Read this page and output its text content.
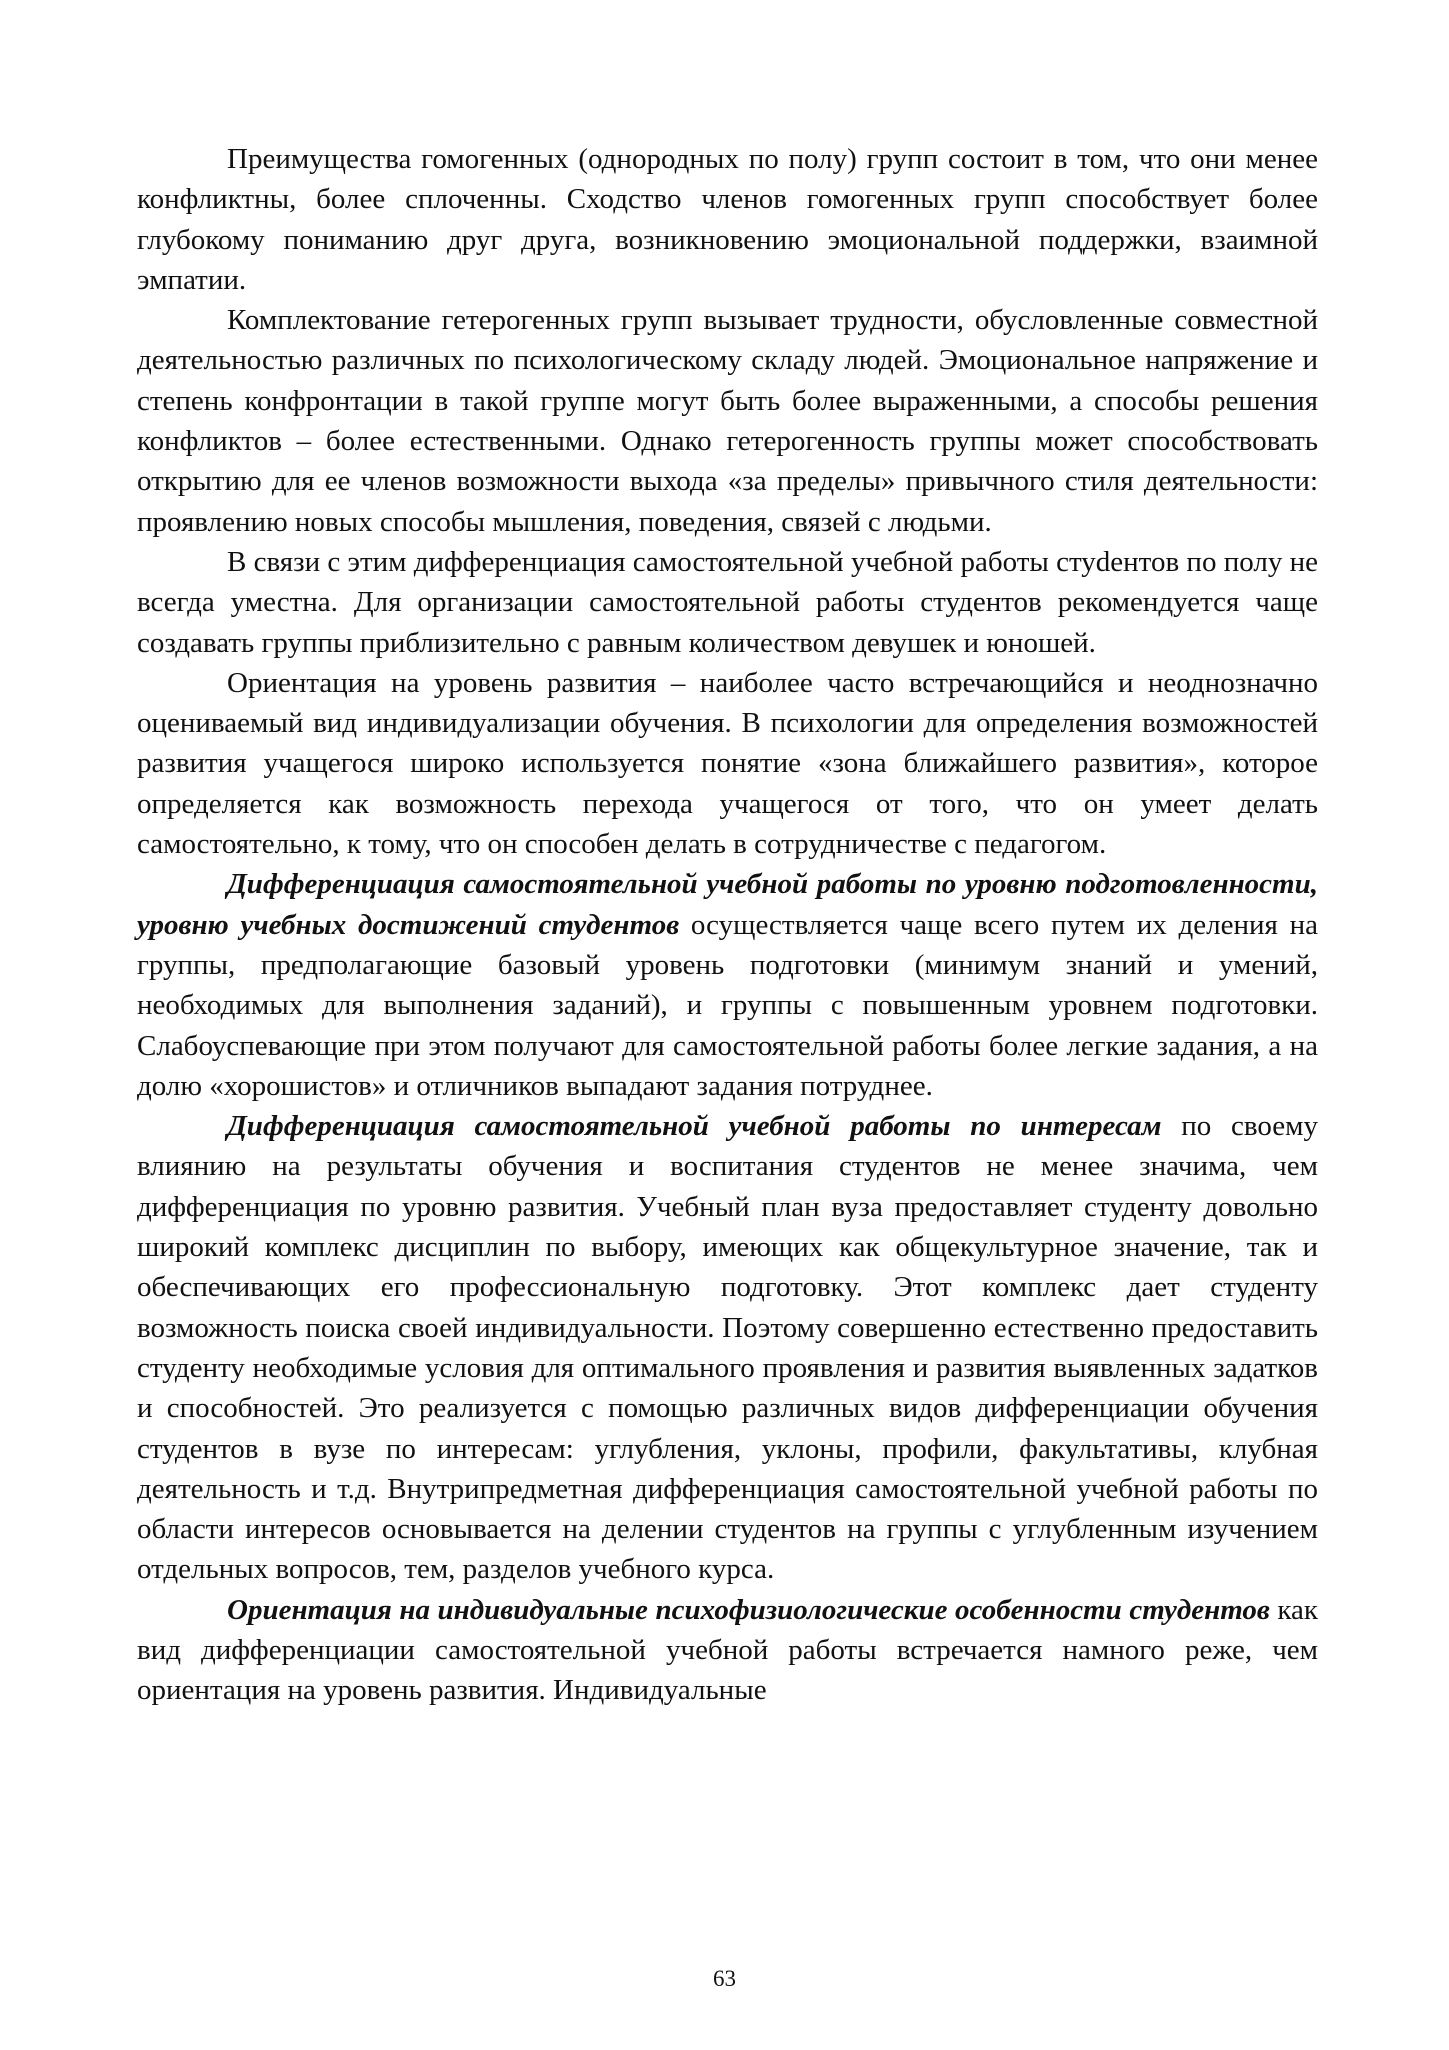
Преимущества гомогенных (однородных по полу) групп состоит в том, что они менее конфликтны, более сплоченны. Сходство членов гомогенных групп способствует более глубокому пониманию друг друга, возникновению эмоциональной поддержки, взаимной эмпатии.

Комплектование гетерогенных групп вызывает трудности, обусловленные совместной деятельностью различных по психологическому складу людей. Эмоциональное напряжение и степень конфронтации в такой группе могут быть более выраженными, а способы решения конфликтов – более естественными. Однако гетерогенность группы может способствовать открытию для ее членов возможности выхода «за пределы» привычного стиля деятельности: проявлению новых способы мышления, поведения, связей с людьми.

В связи с этим дифференциация самостоятельной учебной работы стуdентов по полу не всегда уместна. Для организации самостоятельной работы студентов рекомендуется чаще создавать группы приблизительно с равным количеством девушек и юношей.

Ориентация на уровень развития – наиболее часто встречающийся и неоднозначно оцениваемый вид индивидуализации обучения. В психологии для определения возможностей развития учащегося широко используется понятие «зона ближайшего развития», которое определяется как возможность перехода учащегося от того, что он умеет делать самостоятельно, к тому, что он способен делать в сотрудничестве с педагогом.

Дифференциация самостоятельной учебной работы по уровню подготовленности, уровню учебных достижений студентов осуществляется чаще всего путем их деления на группы, предполагающие базовый уровень подготовки (минимум знаний и умений, необходимых для выполнения заданий), и группы с повышенным уровнем подготовки. Слабоуспевающие при этом получают для самостоятельной работы более легкие задания, а на долю «хорошистов» и отличников выпадают задания потруднее.

Дифференциация самостоятельной учебной работы по интересам по своему влиянию на результаты обучения и воспитания студентов не менее значима, чем дифференциация по уровню развития. Учебный план вуза предоставляет студенту довольно широкий комплекс дисциплин по выбору, имеющих как общекультурное значение, так и обеспечивающих его профессиональную подготовку. Этот комплекс дает студенту возможность поиска своей индивидуальности. Поэтому совершенно естественно предоставить студенту необходимые условия для оптимального проявления и развития выявленных задатков и способностей. Это реализуется с помощью различных видов дифференциации обучения студентов в вузе по интересам: углубления, уклоны, профили, факультативы, клубная деятельность и т.д. Внутрипредметная дифференциация самостоятельной учебной работы по области интересов основывается на делении студентов на группы с углубленным изучением отдельных вопросов, тем, разделов учебного курса.

Ориентация на индивидуальные психофизиологические особенности студентов как вид дифференциации самостоятельной учебной работы встречается намного реже, чем ориентация на уровень развития. Индивидуальные

63
